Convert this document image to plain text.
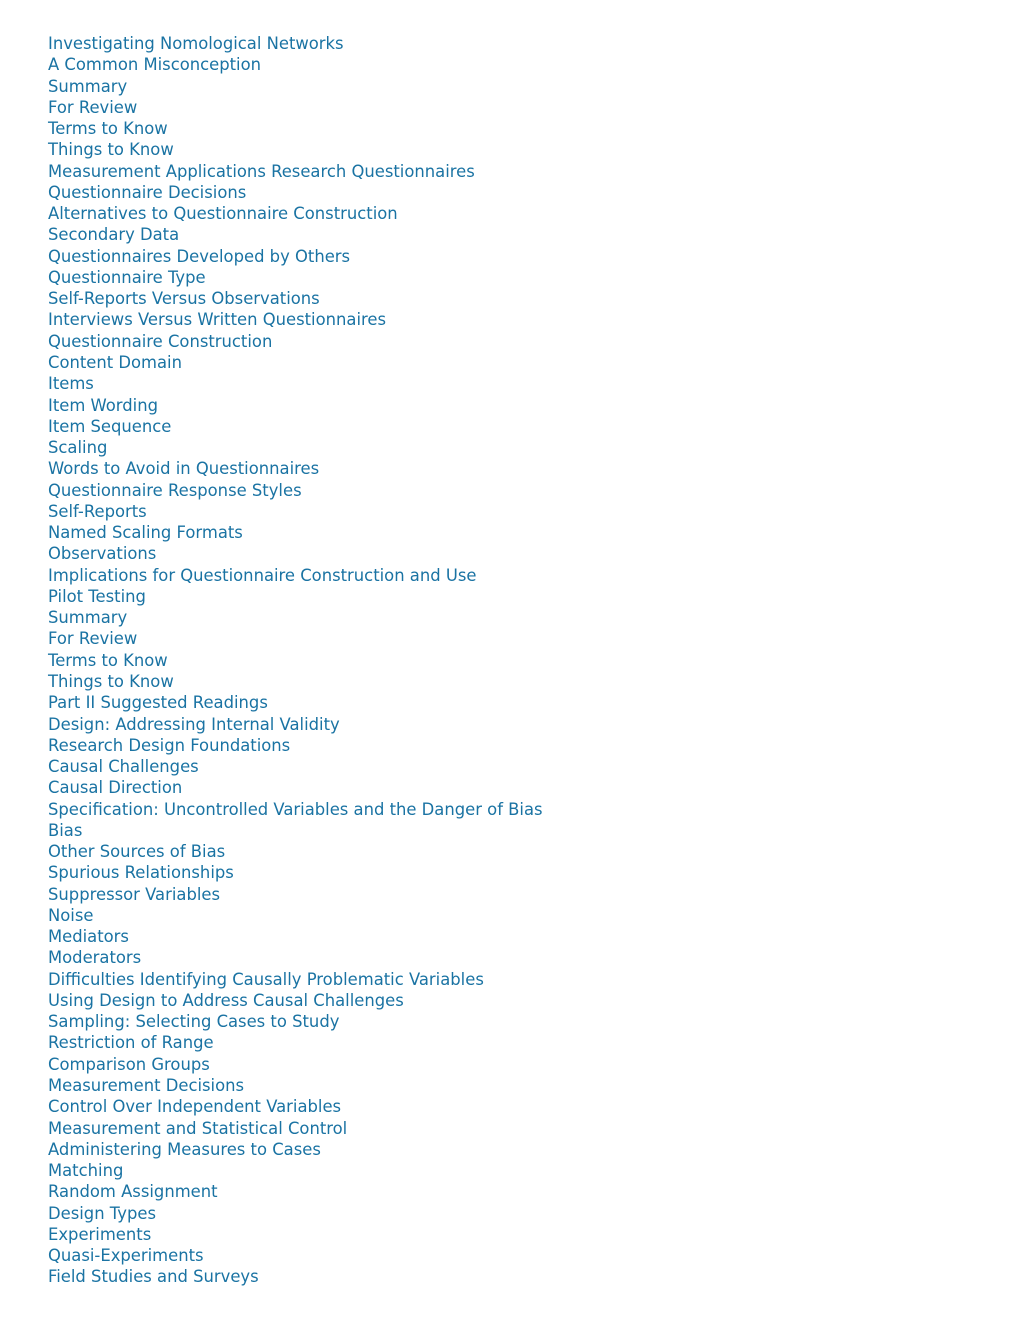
Investigating Nomological Networks
A Common Misconception
Summary
For Review
Terms to Know
Things to Know
Measurement Applications Research Questionnaires
Questionnaire Decisions
Alternatives to Questionnaire Construction
Secondary Data
Questionnaires Developed by Others
Questionnaire Type
Self-Reports Versus Observations
Interviews Versus Written Questionnaires
Questionnaire Construction
Content Domain
Items
Item Wording
Item Sequence
Scaling
Words to Avoid in Questionnaires
Questionnaire Response Styles
Self-Reports
Named Scaling Formats
Observations
Implications for Questionnaire Construction and Use
Pilot Testing
Summary
For Review
Terms to Know
Things to Know
Part II Suggested Readings
Design: Addressing Internal Validity
Research Design Foundations
Causal Challenges
Causal Direction
Specification: Uncontrolled Variables and the Danger of Bias
Bias
Other Sources of Bias
Spurious Relationships
Suppressor Variables
Noise
Mediators
Moderators
Difficulties Identifying Causally Problematic Variables
Using Design to Address Causal Challenges
Sampling: Selecting Cases to Study
Restriction of Range
Comparison Groups
Measurement Decisions
Control Over Independent Variables
Measurement and Statistical Control
Administering Measures to Cases
Matching
Random Assignment
Design Types
Experiments
Quasi-Experiments
Field Studies and Surveys
